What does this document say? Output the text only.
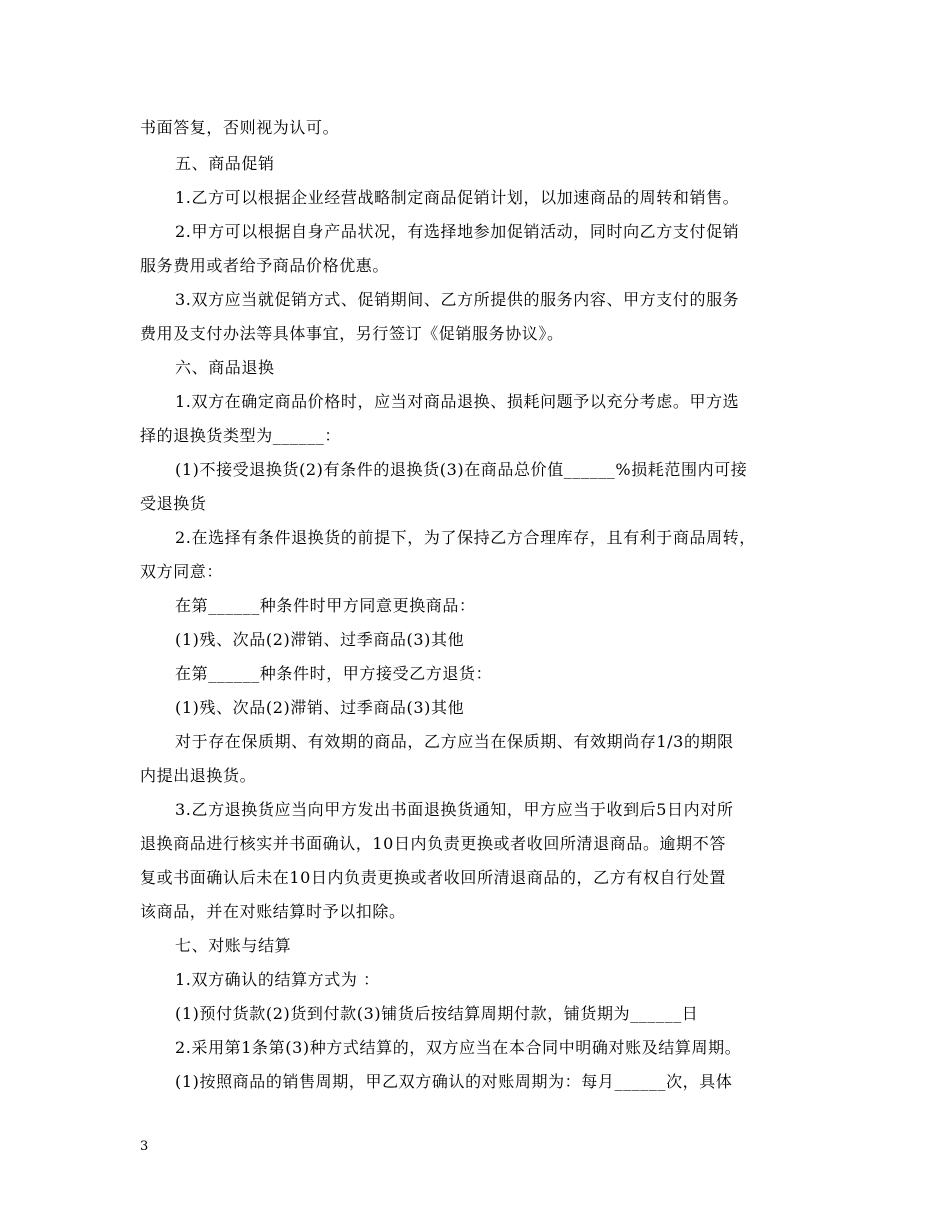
书面答复，否则视为认可。
五、商品促销
1.乙方可以根据企业经营战略制定商品促销计划，以加速商品的周转和销售。
2.甲方可以根据自身产品状况，有选择地参加促销活动，同时向乙方支付促销
服务费用或者给予商品价格优惠。
3.双方应当就促销方式、促销期间、乙方所提供的服务内容、甲方支付的服务
费用及支付办法等具体事宜，另行签订《促销服务协议》。
六、商品退换
1.双方在确定商品价格时，应当对商品退换、损耗问题予以充分考虑。甲方选
择的退换货类型为______：
(1)不接受退换货(2)有条件的退换货(3)在商品总价值______%损耗范围内可接
受退换货
2.在选择有条件退换货的前提下，为了保持乙方合理库存，且有利于商品周转，
双方同意：
在第______种条件时甲方同意更换商品：
(1)残、次品(2)滞销、过季商品(3)其他
在第______种条件时，甲方接受乙方退货：
(1)残、次品(2)滞销、过季商品(3)其他
对于存在保质期、有效期的商品，乙方应当在保质期、有效期尚存1/3的期限
内提出退换货。
3.乙方退换货应当向甲方发出书面退换货通知，甲方应当于收到后5日内对所
退换商品进行核实并书面确认，10日内负责更换或者收回所清退商品。逾期不答
复或书面确认后未在10日内负责更换或者收回所清退商品的，乙方有权自行处置
该商品，并在对账结算时予以扣除。
七、对账与结算
1.双方确认的结算方式为 ：
(1)预付货款(2)货到付款(3)铺货后按结算周期付款，铺货期为______日
2.采用第1条第(3)种方式结算的，双方应当在本合同中明确对账及结算周期。
(1)按照商品的销售周期，甲乙双方确认的对账周期为：每月______次，具体
3
